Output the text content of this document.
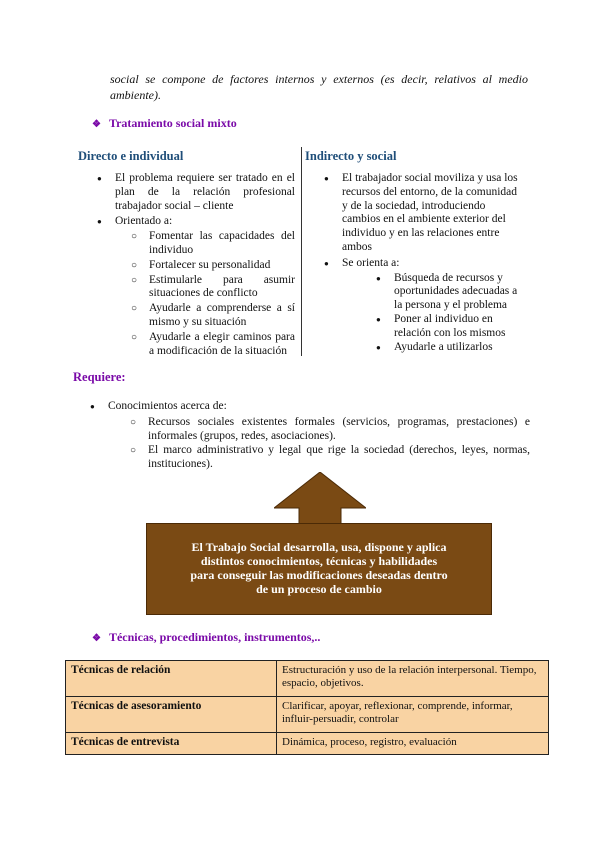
social se compone de factores internos y externos (es decir, relativos al medio ambiente).
❖ Tratamiento social mixto
Directo e individual
● El problema requiere ser tratado en el plan de la relación profesional trabajador social – cliente
● Orientado a:
○ Fomentar las capacidades del individuo
○ Fortalecer su personalidad
○ Estimularle para asumir situaciones de conflicto
○ Ayudarle a comprenderse a sí mismo y su situación
○ Ayudarle a elegir caminos para a modificación de la situación
Indirecto y social
● El trabajador social moviliza y usa los recursos del entorno, de la comunidad y de la sociedad, introduciendo cambios en el ambiente exterior del individuo y en las relaciones entre ambos
● Se orienta a:
● Búsqueda de recursos y oportunidades adecuadas a la persona y el problema
● Poner al individuo en relación con los mismos
● Ayudarle a utilizarlos
Requiere:
● Conocimientos acerca de:
○ Recursos sociales existentes formales (servicios, programas, prestaciones) e informales (grupos, redes, asociaciones).
○ El marco administrativo y legal que rige la sociedad (derechos, leyes, normas, instituciones).
El Trabajo Social desarrolla, usa, dispone y aplica
distintos conocimientos, técnicas y habilidades
para conseguir las modificaciones deseadas dentro
de un proceso de cambio
❖ Técnicas, procedimientos, instrumentos,..
Técnicas de relación	Estructuración y uso de la relación interpersonal. Tiempo, espacio, objetivos.
Técnicas de asesoramiento	Clarificar, apoyar, reflexionar, comprende, informar, influir-persuadir, controlar
Técnicas de entrevista	Dinámica, proceso, registro, evaluación
